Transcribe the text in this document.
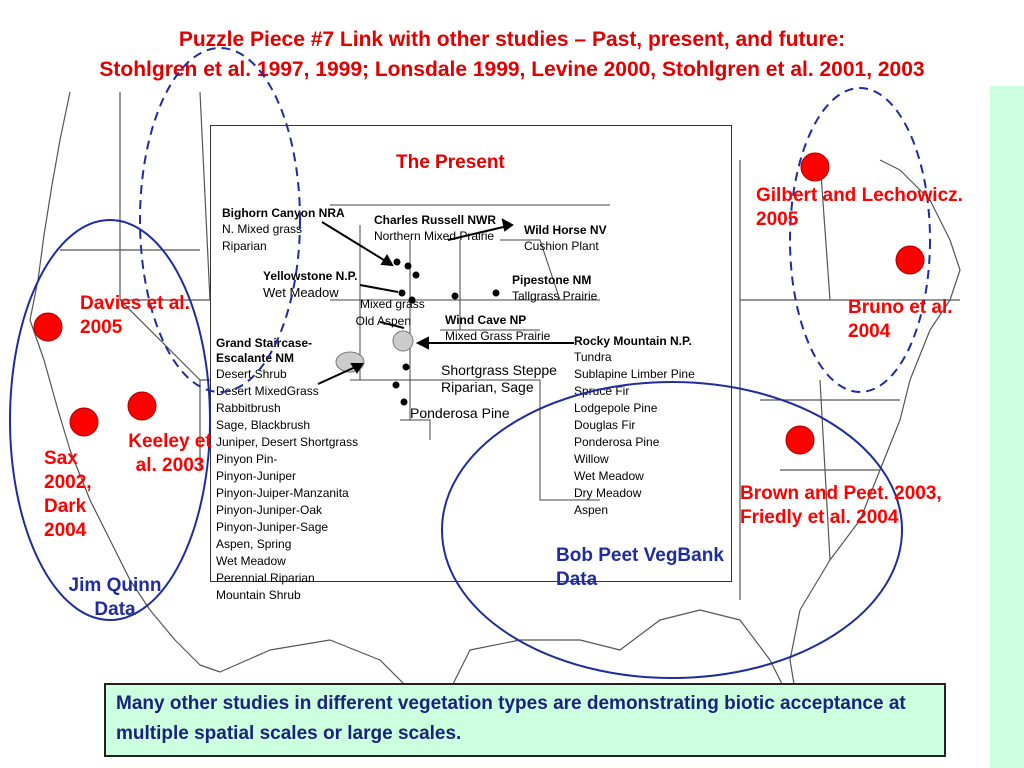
Puzzle Piece #7 Link with other studies – Past, present, and future:
Stohlgren et al. 1997, 1999; Lonsdale 1999, Levine 2000, Stohlgren et al. 2001, 2003
The Present
Bighorn Canyon NRA
N. Mixed grass
Riparian
Charles Russell NWR
Northern Mixed Prairie Wild Horse NV
Cushion Plant
Yellowstone N.P.
Wet Meadow
Pipestone NM
Tallgrass Prairie
Mixed grass
Old Aspen	Wind Cave NP
Mixed Grass Prairie
Grand Staircase-Escalante NM
Desert Shrub
Desert MixedGrass
Rabbitbrush
Sage, Blackbrush
Juniper, Desert Shortgrass
Pinyon Pin-
Pinyon-Juniper
Pinyon-Juiper-Manzanita
Pinyon-Juniper-Oak
Pinyon-Juniper-Sage
Aspen, Spring
Wet Meadow
Perennial Riparian
Mountain Shrub
Rocky Mountain N.P.
Tundra
Sublapine Limber Pine
Spruce Fir
Lodgepole Pine
Douglas Fir
Ponderosa Pine
Willow
Wet Meadow
Dry Meadow
Aspen
Shortgrass Steppe
Riparian, Sage
Ponderosa Pine
Davies et al. 2005
Sax 2002, Dark 2004
Keeley et al. 2003
Jim Quinn Data
Gilbert and Lechowicz. 2005
Bruno et al. 2004
Brown and Peet. 2003, Friedly et al. 2004
Bob Peet VegBank Data
Many other studies in different vegetation types are demonstrating biotic acceptance at multiple spatial scales or large scales.
